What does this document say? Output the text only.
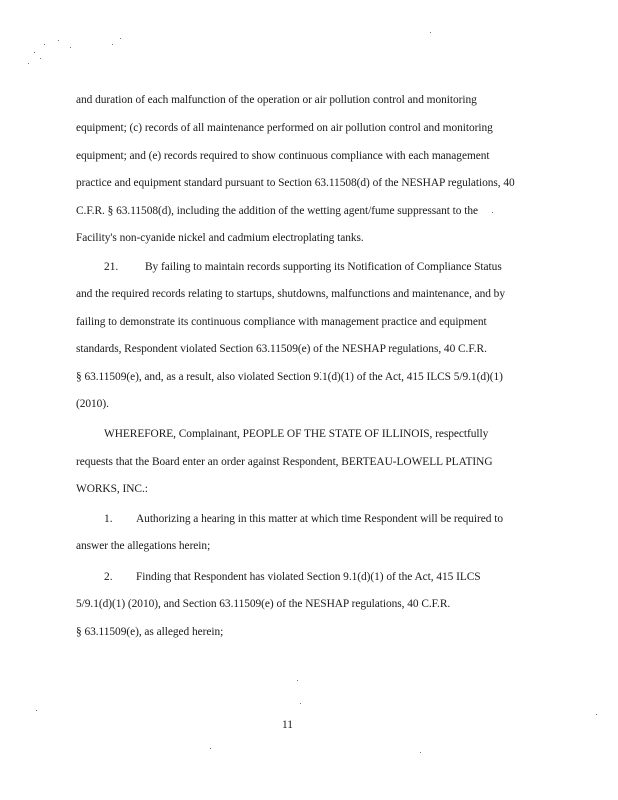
and duration of each malfunction of the operation or air pollution control and monitoring
equipment; (c) records of all maintenance performed on air pollution control and monitoring
equipment; and (e) records required to show continuous compliance with each management
practice and equipment standard pursuant to Section 63.11508(d) of the NESHAP regulations, 40
C.F.R. § 63.11508(d), including the addition of the wetting agent/fume suppressant to the
Facility's non-cyanide nickel and cadmium electroplating tanks.
21. By failing to maintain records supporting its Notification of Compliance Status
and the required records relating to startups, shutdowns, malfunctions and maintenance, and by
failing to demonstrate its continuous compliance with management practice and equipment
standards, Respondent violated Section 63.11509(e) of the NESHAP regulations, 40 C.F.R.
§ 63.11509(e), and, as a result, also violated Section 9.1(d)(1) of the Act, 415 ILCS 5/9.1(d)(1)
(2010).
WHEREFORE, Complainant, PEOPLE OF THE STATE OF ILLINOIS, respectfully
requests that the Board enter an order against Respondent, BERTEAU-LOWELL PLATING
WORKS, INC.:
1. Authorizing a hearing in this matter at which time Respondent will be required to
answer the allegations herein;
2. Finding that Respondent has violated Section 9.1(d)(1) of the Act, 415 ILCS
5/9.1(d)(1) (2010), and Section 63.11509(e) of the NESHAP regulations, 40 C.F.R.
§ 63.11509(e), as alleged herein;
11
